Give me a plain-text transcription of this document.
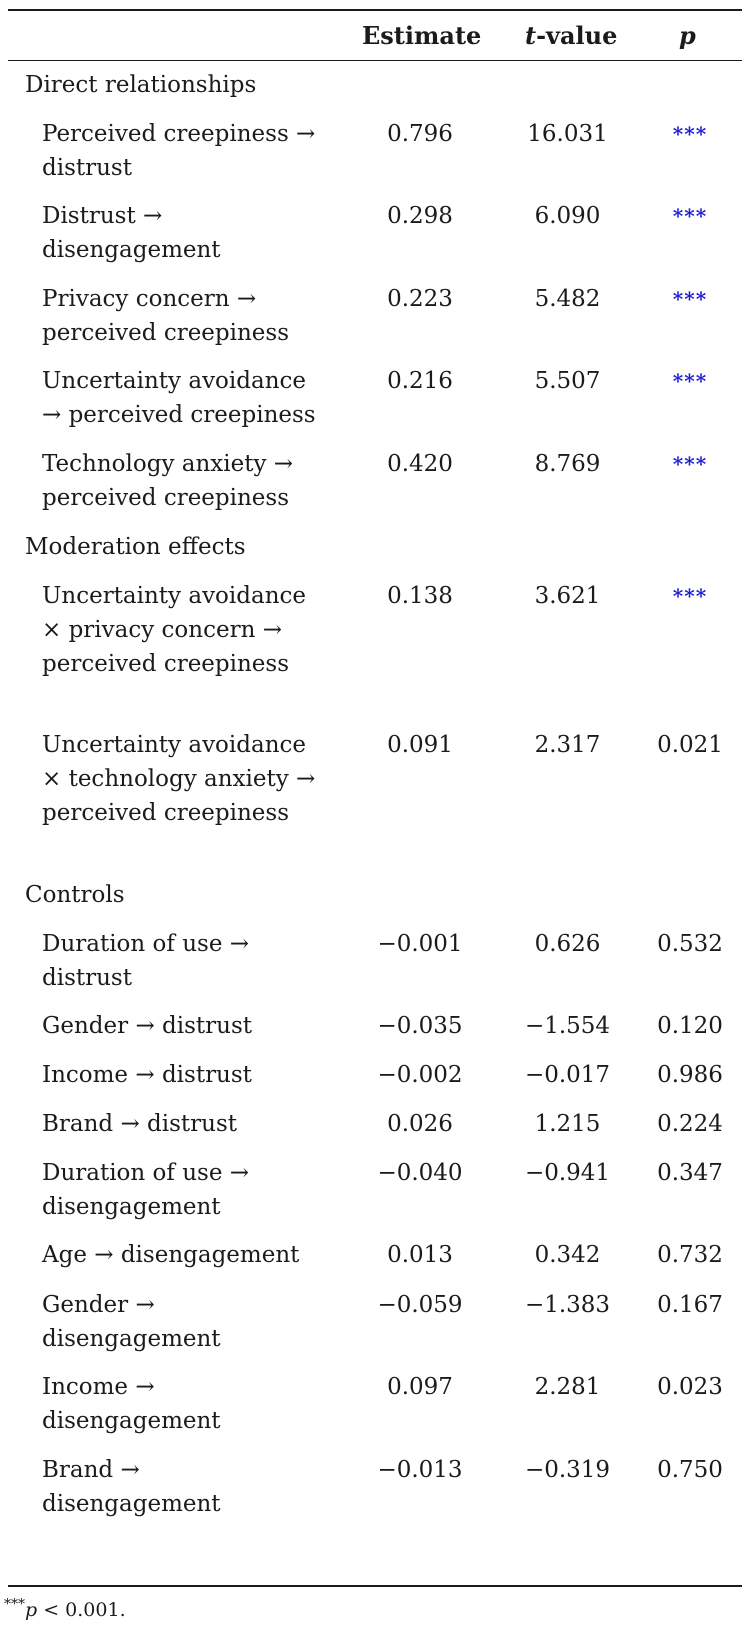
Estimate t-value	p
Direct relationships
Perceived creepiness → distrust
0.796	16.031	***
Distrust → disengagement
0.298	6.090	***
Privacy concern → perceived creepiness
0.223	5.482	***
Uncertainty avoidance → perceived creepiness
0.216	5.507	***
Technology anxiety → perceived creepiness
0.420	8.769	***
Moderation effects
Uncertainty avoidance × privacy concern → perceived creepiness
0.138	3.621	***
Uncertainty avoidance × technology anxiety → perceived creepiness
0.091	2.317	0.021
Controls
Duration of use → distrust
−0.001	0.626	0.532
Gender → distrust	−0.035	−1.554	0.120
Income → distrust	−0.002	−0.017	0.986
Brand → distrust	0.026	1.215	0.224
Duration of use → disengagement
−0.040	−0.941	0.347
Age → disengagement	0.013	0.342	0.732
Gender → disengagement
−0.059	−1.383	0.167
Income → disengagement
0.097	2.281	0.023
Brand → disengagement
−0.013	−0.319	0.750
***p < 0.001.
